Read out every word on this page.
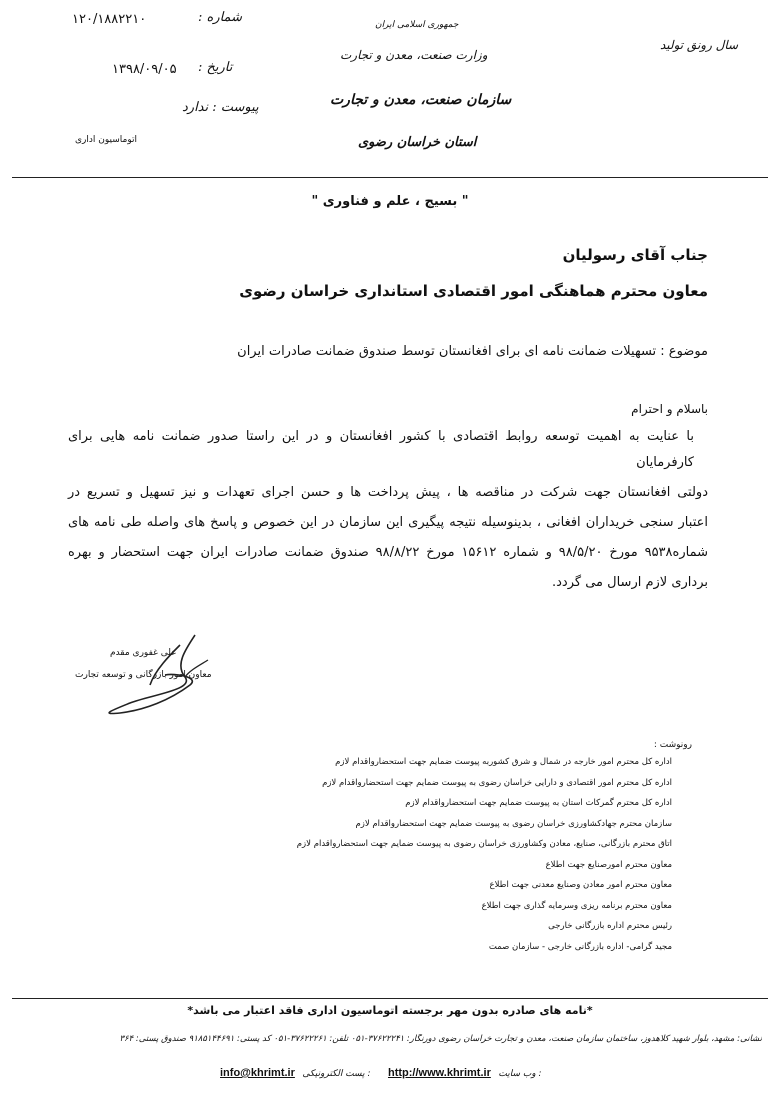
۱۲۰/۱۸۸۲۲۱۰	شماره :
۱۳۹۸/۰۹/۰۵ تاریخ :
پیوست : ندارد
اتوماسیون اداری
جمهوری اسلامی ایران
وزارت صنعت، معدن و تجارت
سازمان صنعت، معدن و تجارت
استان خراسان رضوی
سال رونق تولید
" بسیج ، علم و فناوری "
جناب آقای رسولیان
معاون محترم هماهنگی امور اقتصادی استانداری خراسان رضوی
موضوع : تسهیلات ضمانت نامه ای برای افغانستان توسط صندوق ضمانت صادرات ایران
باسلام و احترام
با عنایت به اهمیت توسعه روابط اقتصادی با کشور افغانستان و در این راستا صدور ضمانت نامه هایی برای کارفرمایان
دولتی افغانستان جهت شرکت در مناقصه ها ، پیش پرداخت ها و حسن اجرای تعهدات و نیز تسهیل و تسریع در
اعتبار سنجی خریداران افغانی ، بدینوسیله نتیجه پیگیری این سازمان در این خصوص و پاسخ های واصله طی نامه های
شماره۹۵۳۸ مورخ ۹۸/۵/۲۰ و شماره ۱۵۶۱۲ مورخ ۹۸/۸/۲۲ صندوق ضمانت صادرات ایران جهت استحضار و بهره
برداری لازم ارسال می گردد.
علی غفوری مقدم
معاون امور بازرگانی و توسعه تجارت
رونوشت :
اداره کل محترم امور خارجه در شمال و شرق کشوربه پیوست ضمایم جهت استحضارواقدام لازم
اداره کل محترم امور اقتصادی و دارایی خراسان رضوی به پیوست ضمایم جهت استحضارواقدام لازم
اداره کل محترم گمرکات استان به پیوست ضمایم جهت استحضارواقدام لازم
سازمان محترم جهادکشاورزی خراسان رضوی به پیوست ضمایم جهت استحضارواقدام لازم
اتاق محترم بازرگانی، صنایع، معادن وکشاورزی خراسان رضوی به پیوست ضمایم جهت استحضارواقدام لازم
معاون محترم امورصنایع جهت اطلاع
معاون محترم امور معادن وصنایع معدنی جهت اطلاع
معاون محترم برنامه ریزی وسرمایه گذاری جهت اطلاع
رئیس محترم اداره بازرگانی خارجی
مجید گرامی- اداره بازرگانی خارجی - سازمان صمت
*نامه های صادره بدون مهر برجسته اتوماسیون اداری فاقد اعتبار می باشد*
نشانی: مشهد، بلوار شهید کلاهدوز، ساختمان سازمان صنعت، معدن و تجارت خراسان رضوی دورنگار: ۳۷۶۲۲۲۴۱-۰۵۱ تلفن: ۳۷۶۲۲۲۶۱-۰۵۱ کد پستی: ۹۱۸۵۱۴۴۶۹۱ صندوق پستی: ۳۶۴
info@khrimt.ir پست الکترونیکی : http://www.khrimt.ir وب سایت :
